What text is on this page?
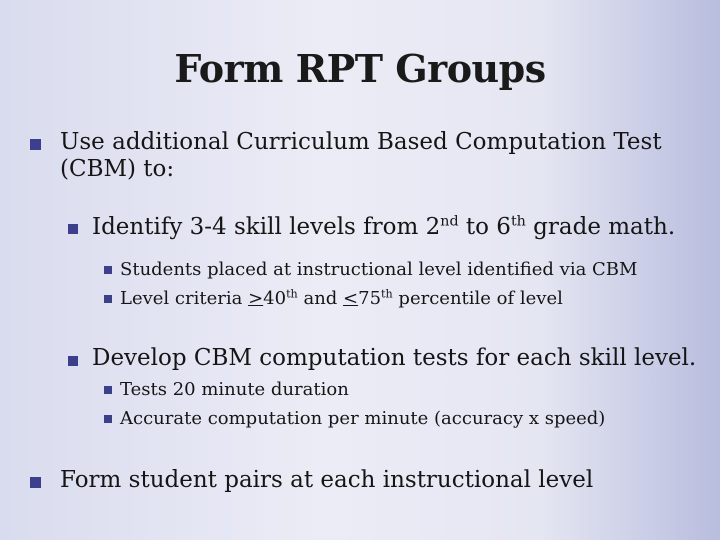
Form RPT Groups
Use additional Curriculum Based Computation Test
(CBM) to:
Identify 3-4 skill levels from 2nd to 6th grade math.
Students placed at instructional level identified via CBM
Level criteria ≥40th and ≤75th percentile of level
Develop CBM computation tests for each skill level.
Tests 20 minute duration
Accurate computation per minute (accuracy x speed)
Form student pairs at each instructional level
